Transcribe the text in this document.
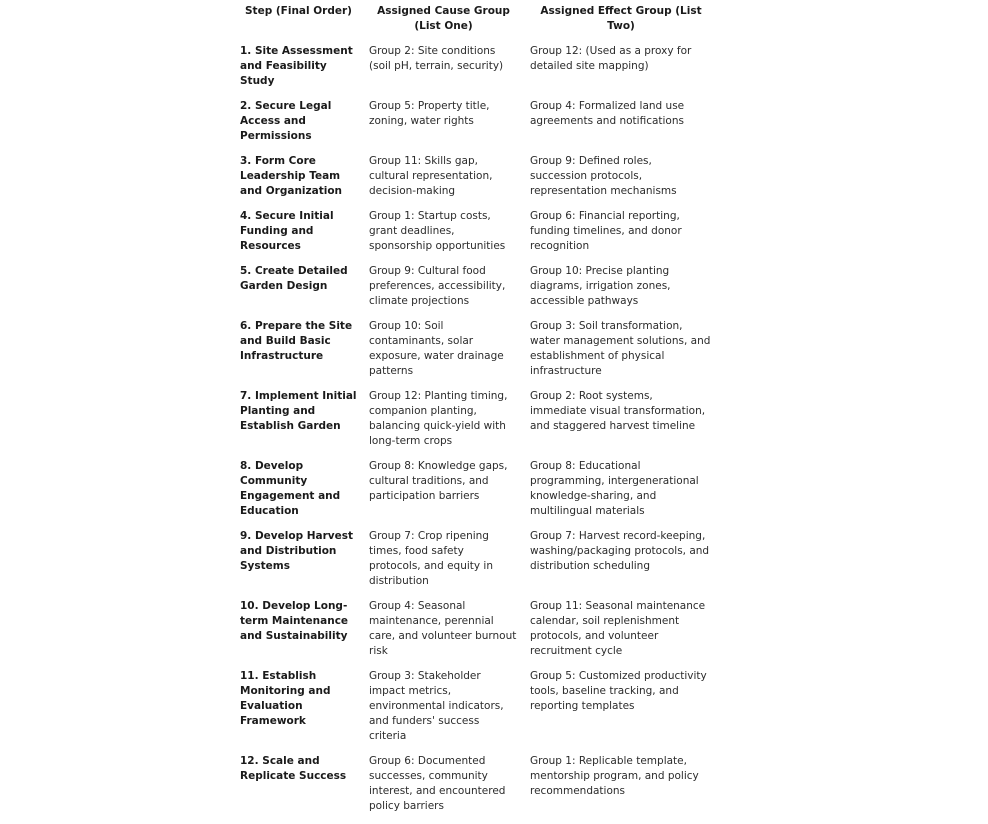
Step (Final Order)	Assigned Cause Group (List One)	Assigned Effect Group (List Two)
1. Site Assessment and Feasibility Study	Group 2: Site conditions (soil pH, terrain, security)	Group 12: (Used as a proxy for detailed site mapping)
2. Secure Legal Access and Permissions	Group 5: Property title, zoning, water rights	Group 4: Formalized land use agreements and notifications
3. Form Core Leadership Team and Organization	Group 11: Skills gap, cultural representation, decision-making	Group 9: Defined roles, succession protocols, representation mechanisms
4. Secure Initial Funding and Resources	Group 1: Startup costs, grant deadlines, sponsorship opportunities	Group 6: Financial reporting, funding timelines, and donor recognition
5. Create Detailed Garden Design	Group 9: Cultural food preferences, accessibility, climate projections	Group 10: Precise planting diagrams, irrigation zones, accessible pathways
6. Prepare the Site and Build Basic Infrastructure	Group 10: Soil contaminants, solar exposure, water drainage patterns	Group 3: Soil transformation, water management solutions, and establishment of physical infrastructure
7. Implement Initial Planting and Establish Garden	Group 12: Planting timing, companion planting, balancing quick-yield with long-term crops	Group 2: Root systems, immediate visual transformation, and staggered harvest timeline
8. Develop Community Engagement and Education	Group 8: Knowledge gaps, cultural traditions, and participation barriers	Group 8: Educational programming, intergenerational knowledge-sharing, and multilingual materials
9. Develop Harvest and Distribution Systems	Group 7: Crop ripening times, food safety protocols, and equity in distribution	Group 7: Harvest record-keeping, washing/packaging protocols, and distribution scheduling
10. Develop Long-term Maintenance and Sustainability	Group 4: Seasonal maintenance, perennial care, and volunteer burnout risk	Group 11: Seasonal maintenance calendar, soil replenishment protocols, and volunteer recruitment cycle
11. Establish Monitoring and Evaluation Framework	Group 3: Stakeholder impact metrics, environmental indicators, and funders' success criteria	Group 5: Customized productivity tools, baseline tracking, and reporting templates
12. Scale and Replicate Success	Group 6: Documented successes, community interest, and encountered policy barriers	Group 1: Replicable template, mentorship program, and policy recommendations
